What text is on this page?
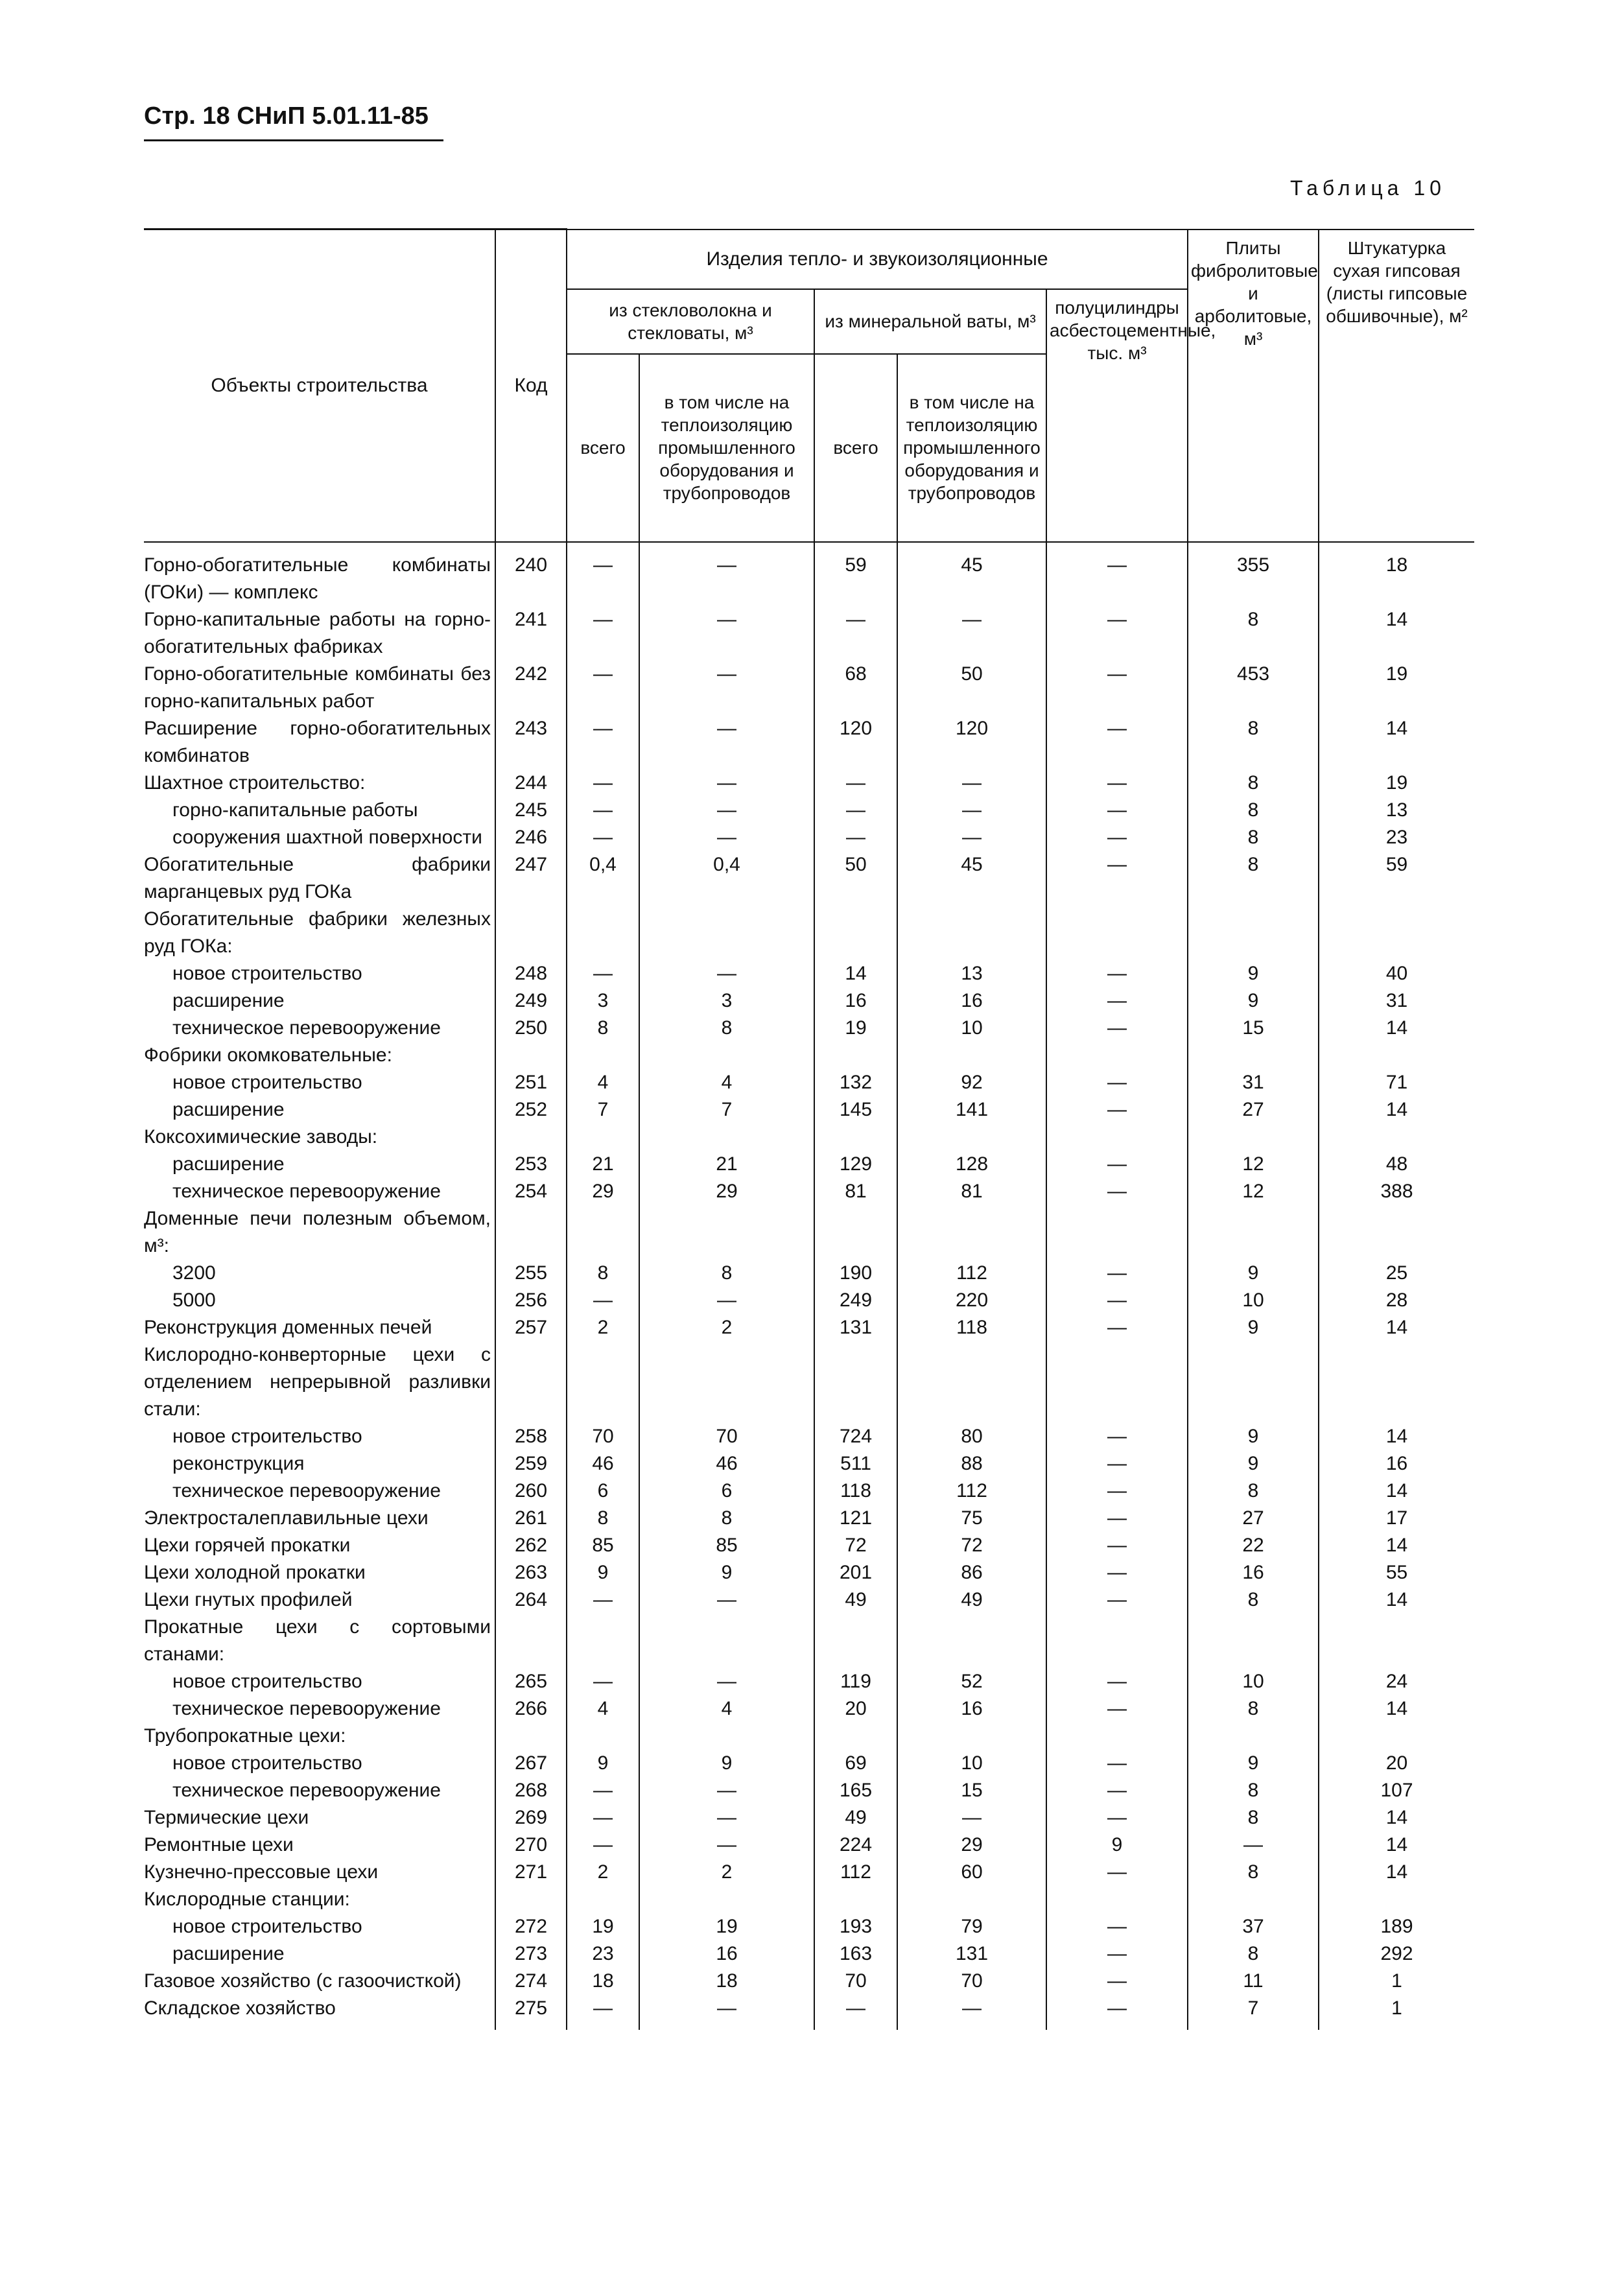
Стр. 18 СНиП 5.01.11-85
Таблица 10
Объекты строительства	Код	Изделия тепло- и звукоизоляционные					Плиты фибролитовые и арболитовые, м³	Штукатурка сухая гипсовая (листы гипсовые обшивочные), м²
		из стекловолокна и стекловаты, м³		из минеральной ваты, м³		полуцилиндры асбестоцементные, тыс. м³		
		всего	в том числе на теплоизоляцию промышленного оборудования и трубопроводов	всего	в том числе на теплоизоляцию промышленного оборудования и трубопроводов			
Горно-обогатительные комбинаты (ГОКи) — комплекс	240	—	—	59	45	—	355	18
Горно-капитальные работы на горно-обогатительных фабриках	241	—	—	—	—	—	8	14
Горно-обогатительные комбинаты без горно-капитальных работ	242	—	—	68	50	—	453	19
Расширение горно-обогатительных комбинатов	243	—	—	120	120	—	8	14
Шахтное строительство:	244	—	—	—	—	—	8	19
горно-капитальные работы	245	—	—	—	—	—	8	13
сооружения шахтной поверхности	246	—	—	—	—	—	8	23
Обогатительные фабрики марганцевых руд ГОКа	247	0,4	0,4	50	45	—	8	59
Обогатительные фабрики железных руд ГОКа:								
новое строительство	248	—	—	14	13	—	9	40
расширение	249	3	3	16	16	—	9	31
техническое перевооружение	250	8	8	19	10	—	15	14
Фобрики окомковательные:								
новое строительство	251	4	4	132	92	—	31	71
расширение	252	7	7	145	141	—	27	14
Коксохимические заводы:								
расширение	253	21	21	129	128	—	12	48
техническое перевооружение	254	29	29	81	81	—	12	388
Доменные печи полезным объемом, м³:								
3200	255	8	8	190	112	—	9	25
5000	256	—	—	249	220	—	10	28
Реконструкция доменных печей	257	2	2	131	118	—	9	14
Кислородно-конверторные цехи с отделением непрерывной разливки стали:								
новое строительство	258	70	70	724	80	—	9	14
реконструкция	259	46	46	511	88	—	9	16
техническое перевооружение	260	6	6	118	112	—	8	14
Электросталеплавильные цехи	261	8	8	121	75	—	27	17
Цехи горячей прокатки	262	85	85	72	72	—	22	14
Цехи холодной прокатки	263	9	9	201	86	—	16	55
Цехи гнутых профилей	264	—	—	49	49	—	8	14
Прокатные цехи с сортовыми станами:								
новое строительство	265	—	—	119	52	—	10	24
техническое перевооружение	266	4	4	20	16	—	8	14
Трубопрокатные цехи:								
новое строительство	267	9	9	69	10	—	9	20
техническое перевооружение	268	—	—	165	15	—	8	107
Термические цехи	269	—	—	49	—	—	8	14
Ремонтные цехи	270	—	—	224	29	9	—	14
Кузнечно-прессовые цехи	271	2	2	112	60	—	8	14
Кислородные станции:								
новое строительство	272	19	19	193	79	—	37	189
расширение	273	23	16	163	131	—	8	292
Газовое хозяйство (с газоочисткой)	274	18	18	70	70	—	11	1
Складское хозяйство	275	—	—	—	—	—	7	1
